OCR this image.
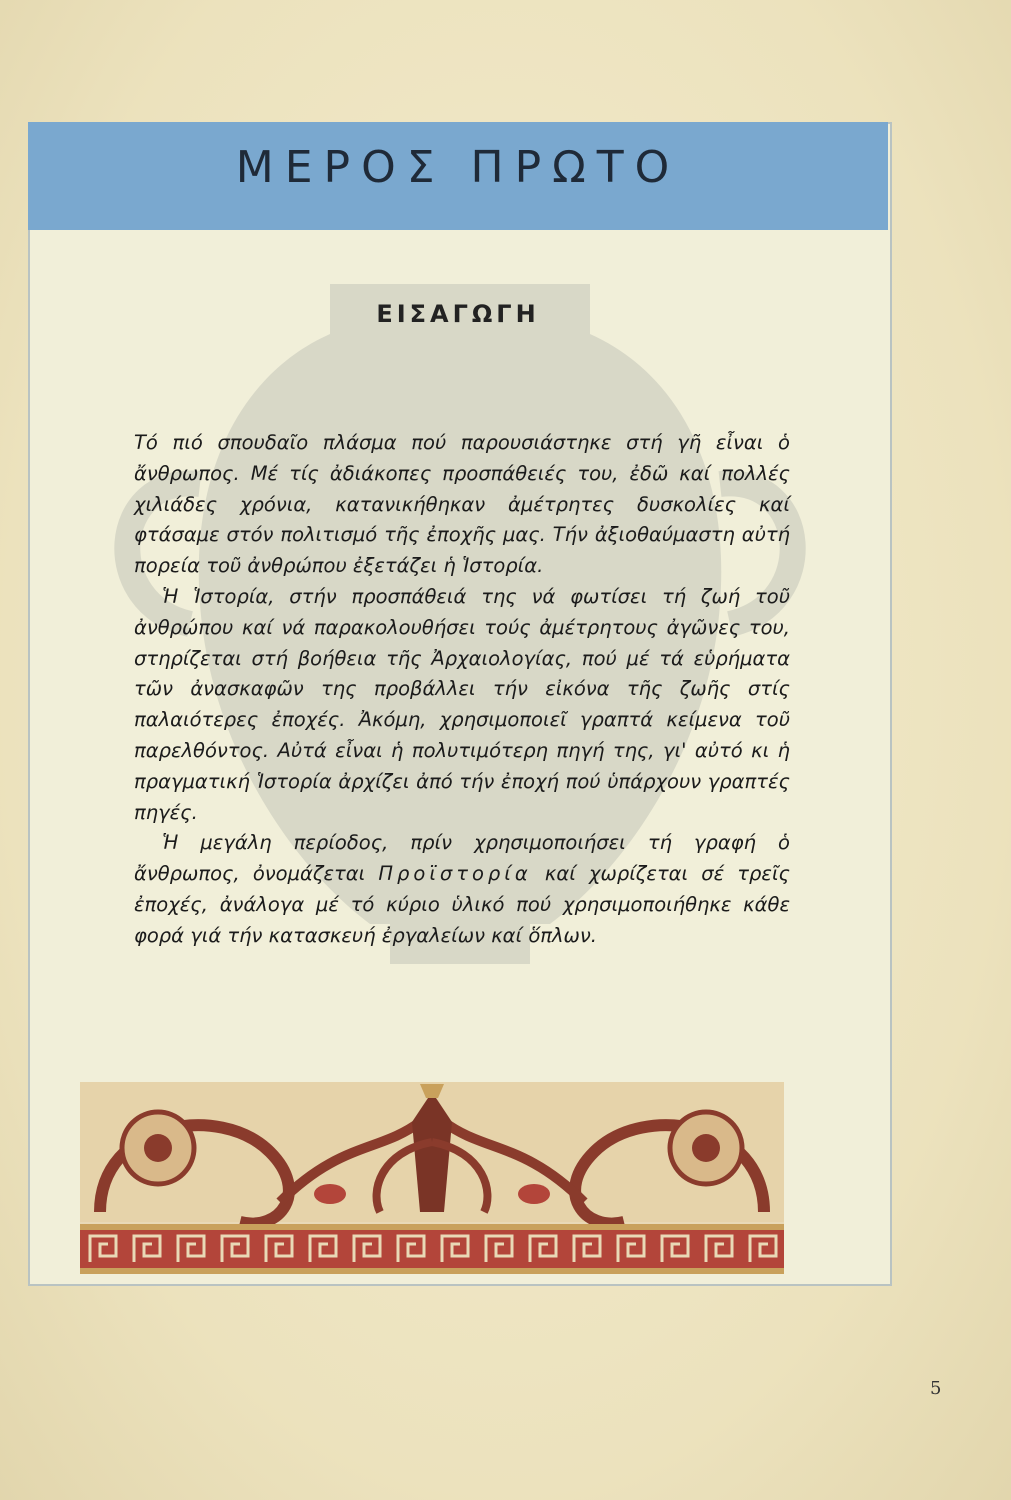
ΜΕΡΟΣ ΠΡΩΤΟ
ΕΙΣΑΓΩΓΗ

Τό πιό σπουδαῖο πλάσμα πού παρουσιάστηκε στή γῆ εἶναι ὁ ἄνθρωπος. Μέ τίς ἀδιάκοπες προσπάθειές του, ἐδῶ καί πολλές χιλιάδες χρόνια, κατανικήθηκαν ἀμέτρητες δυσκολίες καί φτάσαμε στόν πολιτισμό τῆς ἐποχῆς μας. Τήν ἀξιοθαύμαστη αὐτή πορεία τοῦ ἀνθρώπου ἐξετάζει ἡ Ἱστορία.

Ἡ Ἱστορία, στήν προσπάθειά της νά φωτίσει τή ζωή τοῦ ἀνθρώπου καί νά παρακολουθήσει τούς ἀμέτρητους ἀγῶνες του, στηρίζεται στή βοήθεια τῆς Ἀρχαιολογίας, πού μέ τά εὑρήματα τῶν ἀνασκαφῶν της προβάλλει τήν εἰκόνα τῆς ζωῆς στίς παλαιότερες ἐποχές. Ἀκόμη, χρησιμοποιεῖ γραπτά κείμενα τοῦ παρελθόντος. Αὐτά εἶναι ἡ πολυτιμότερη πηγή της, γι' αὐτό κι ἡ πραγματική Ἱστορία ἀρχίζει ἀπό τήν ἐποχή πού ὑπάρχουν γραπτές πηγές.

Ἡ μεγάλη περίοδος, πρίν χρησιμοποιήσει τή γραφή ὁ ἄνθρωπος, ὀνομάζεται Προϊστορία καί χωρίζεται σέ τρεῖς ἐποχές, ἀνάλογα μέ τό κύριο ὑλικό πού χρησιμοποιήθηκε κάθε φορά γιά τήν κατασκευή ἐργαλείων καί ὅπλων.

5
